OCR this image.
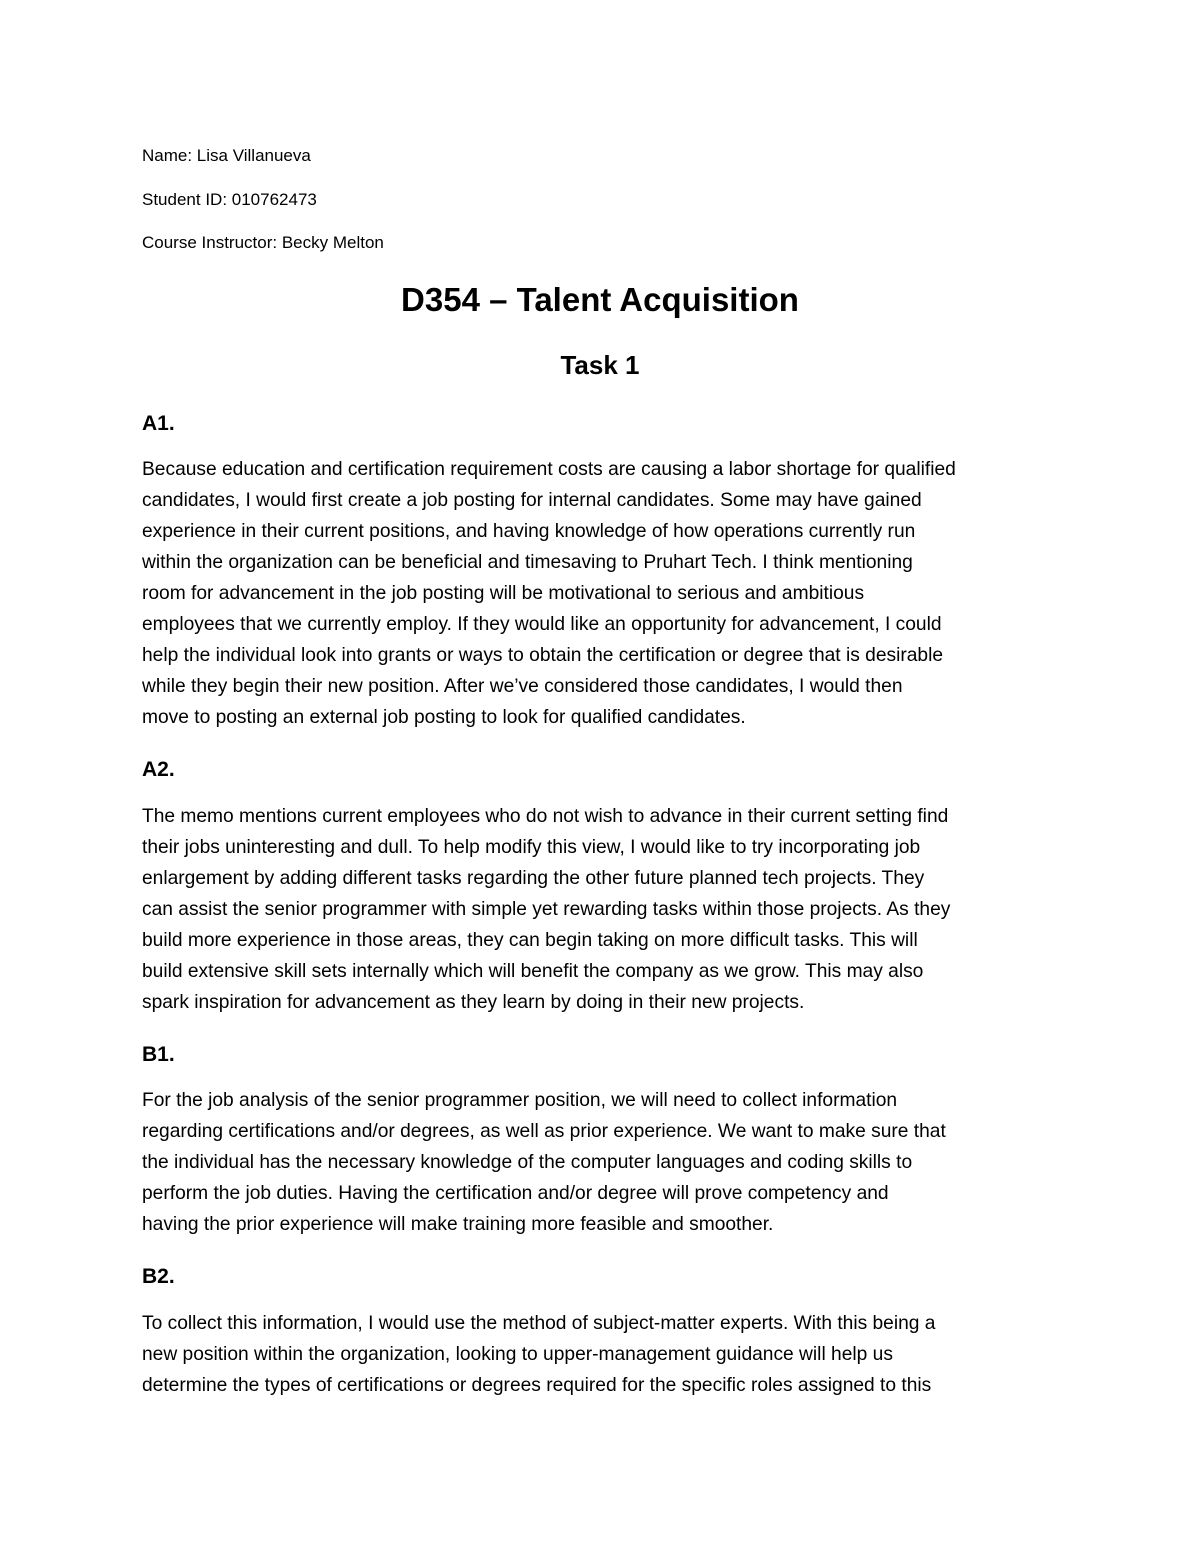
Name: Lisa Villanueva
Student ID: 010762473
Course Instructor: Becky Melton
D354 – Talent Acquisition
Task 1
A1.
Because education and certification requirement costs are causing a labor shortage for qualified
candidates, I would first create a job posting for internal candidates. Some may have gained
experience in their current positions, and having knowledge of how operations currently run
within the organization can be beneficial and timesaving to Pruhart Tech. I think mentioning
room for advancement in the job posting will be motivational to serious and ambitious
employees that we currently employ. If they would like an opportunity for advancement, I could
help the individual look into grants or ways to obtain the certification or degree that is desirable
while they begin their new position. After we’ve considered those candidates, I would then
move to posting an external job posting to look for qualified candidates.
A2.
The memo mentions current employees who do not wish to advance in their current setting find
their jobs uninteresting and dull. To help modify this view, I would like to try incorporating job
enlargement by adding different tasks regarding the other future planned tech projects. They
can assist the senior programmer with simple yet rewarding tasks within those projects. As they
build more experience in those areas, they can begin taking on more difficult tasks. This will
build extensive skill sets internally which will benefit the company as we grow. This may also
spark inspiration for advancement as they learn by doing in their new projects.
B1.
For the job analysis of the senior programmer position, we will need to collect information
regarding certifications and/or degrees, as well as prior experience. We want to make sure that
the individual has the necessary knowledge of the computer languages and coding skills to
perform the job duties. Having the certification and/or degree will prove competency and
having the prior experience will make training more feasible and smoother.
B2.
To collect this information, I would use the method of subject-matter experts. With this being a
new position within the organization, looking to upper-management guidance will help us
determine the types of certifications or degrees required for the specific roles assigned to this
